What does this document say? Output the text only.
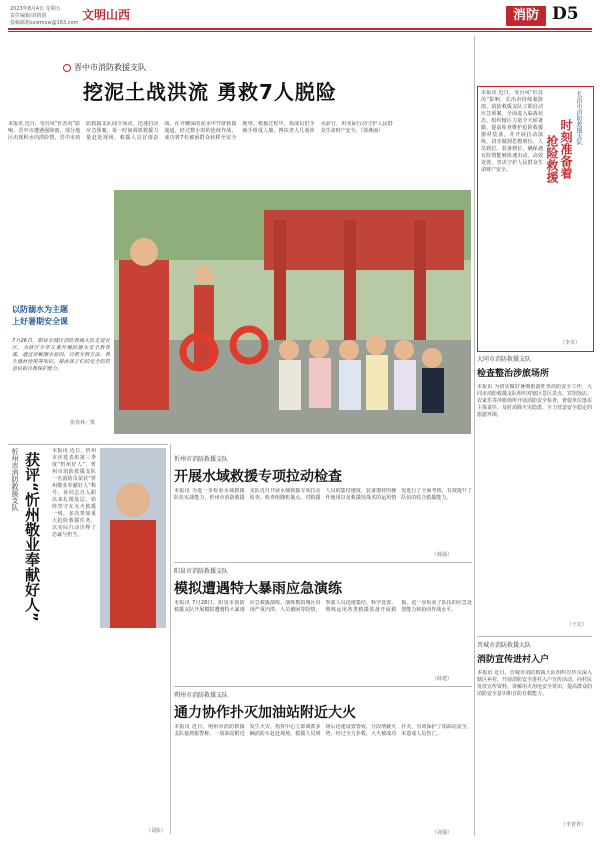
2023年8月4日 星期五
责任编辑/刘倩倩
投稿邮箱sxwmxw@163.com
文明山西	消防 D5
晋中市消防救援支队
挖泥土战洪流 勇救7人脱险
本报讯 近日，受台风“杜苏芮”影响，晋中市遭遇强降雨，部分地区出现积水内涝险情。晋中市消防救援支队闻令而动，迅速启动应急预案，第一时间调派救援力量赶赴现场。救援人员冒雨奋战，在齐腰深的泥水中开辟救援通道，经过数小时的连续作战，成功将7名被困群众转移至安全地带。救援过程中，指战员们手挽手组成人墙，搀扶老人儿童涉水前行，用实际行动守护人民群众生命财产安全。（郭燕丽）
以防溺水为主题
上好暑期安全课
7月26日，阳泉市城区消防救援大队走进社区，为辖区少年儿童开展防溺水安全教育课，通过讲解溺水原因、自救互救方法、救生器材使用等知识，提高孩子们的安全防范意识和自我保护能力。
张春林／摄
长治市消防救援支队
时刻准备着
抢险救援
本报讯 近日，受台风“杜苏芮”影响，长治市持续强降雨，消防救援支队立即启动应急预案，全面进入临战状态，组织辖区力量全天候备勤，提前检查维护抢险救援器材装备，并开展拉动演练，切实做到思想到位、人员到位、装备到位，确保遇有险情能够快速出动、高效处置，坚决守护人民群众生命财产安全。
（李卓）
大同市消防救援支队
检查整治涉旅场所
本报讯 为切实做好暑期旅游旺季消防安全工作，大同市消防救援支队组织对辖区景区景点、宾馆饭店、农家乐等涉旅场所开展消防安全检查，督促单位落实主体责任，及时消除火灾隐患，全力营造安全稳定的旅游环境。
（王宏）
晋城市消防救援大队
消防宣传进村入户
本报讯 近日，晋城市消防救援大队组织宣传员深入辖区乡村，开展消防安全进村入户宣传活动，向村民发放宣传资料，讲解用火用电安全常识，提高群众的消防安全意识和自防自救能力。
（李青青）
忻州市消防救援支队 获评“忻州敬业奉献好人”
本报讯 近日，忻州市评选表彰第三季度“忻州好人”，忻州市消防救援支队一名消防员荣获“忻州敬业奉献好人”称号。该同志自入职以来扎根基层，始终坚守在灭火救援一线，多次参加重大抢险救援任务，以实际行动诠释了忠诚与担当。
（刘张）
忻州市消防救援支队
开展水域救援专项拉动检查
本报讯 为进一步检验水域救援队伍实战能力，忻州市消防救援支队近日开展水域救援专项拉动检查。检查组随机抽点，对救援人员的集结速度、装备器材的操作使用以及救援技战术的运用情况进行了全面考核，有效提升了队伍的综合救援能力。
（韩强）
阳泉市消防救援支队
模拟遭遇特大暴雨应急演练
本报讯 7月28日，阳泉市消防救援支队开展模拟遭遇特大暴雨应急救援演练。演练模拟城区出现严重内涝、人员被困等险情，参演人员迅速集结、科学处置，熟练运用各类救援装备开展救援，进一步检验了队伍的应急处置能力和协同作战水平。
（薛建）
朔州市消防救援支队
通力协作扑灭加油站附近大火
本报讯 近日，朔州市消防救援支队接到报警称，一加油站附近发生火灾。指挥中心立即调派多辆消防车赶赴现场。救援人员到场后迅速设置警戒，分段堵截火势，经过全力扑救，大火被成功扑灭，有效保护了加油站安全，未造成人员伤亡。
（刘强）
